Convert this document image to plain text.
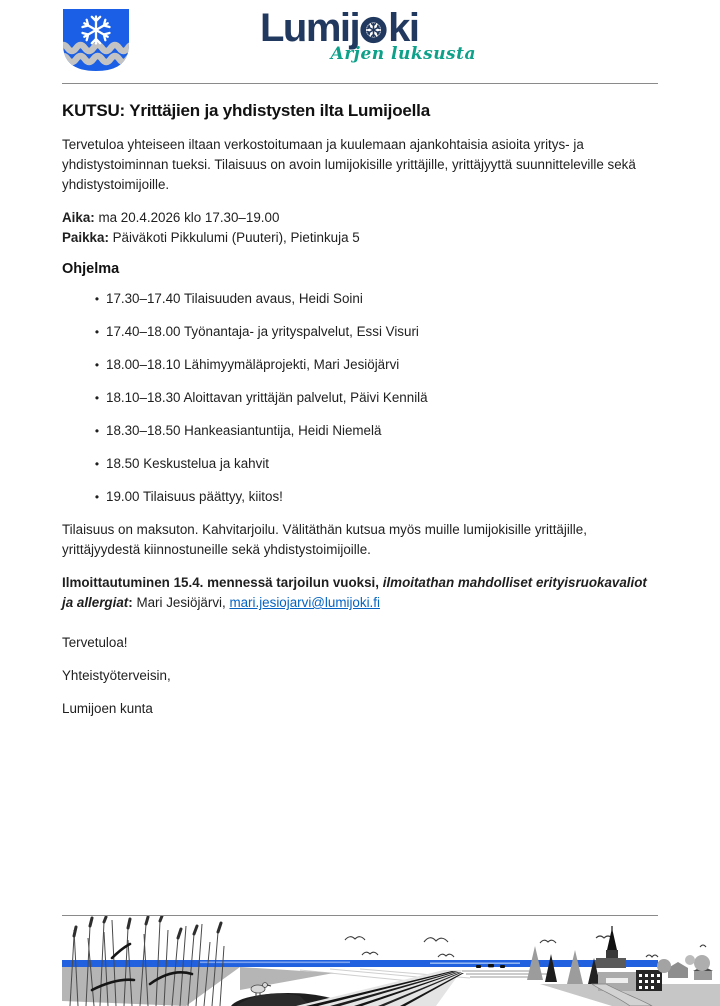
Lumij ki
Arjen luksusta
KUTSU: Yrittäjien ja yhdistysten ilta Lumijoella

Tervetuloa yhteiseen iltaan verkostoitumaan ja kuulemaan ajankohtaisia asioita yritys- ja yhdistystoiminnan tueksi. Tilaisuus on avoin lumijokisille yrittäjille, yrittäjyyttä suunnitteleville sekä yhdistystoimijoille.

Aika: ma 20.4.2026 klo 17.30–19.00
Paikka: Päiväkoti Pikkulumi (Puuteri), Pietinkuja 5

Ohjelma
• 17.30–17.40 Tilaisuuden avaus, Heidi Soini
• 17.40–18.00 Työnantaja- ja yrityspalvelut, Essi Visuri
• 18.00–18.10 Lähimyymäläprojekti, Mari Jesiöjärvi
• 18.10–18.30 Aloittavan yrittäjän palvelut, Päivi Kennilä
• 18.30–18.50 Hankeasiantuntija, Heidi Niemelä
• 18.50 Keskustelua ja kahvit
• 19.00 Tilaisuus päättyy, kiitos!

Tilaisuus on maksuton. Kahvitarjoilu. Välitäthän kutsua myös muille lumijokisille yrittäjille, yrittäjyydestä kiinnostuneille sekä yhdistystoimijoille.

Ilmoittautuminen 15.4. mennessä tarjoilun vuoksi, ilmoitathan mahdolliset erityisruokavaliot ja allergiat: Mari Jesiöjärvi, mari.jesiojarvi@lumijoki.fi

Tervetuloa!

Yhteistyöterveisin,

Lumijoen kunta
